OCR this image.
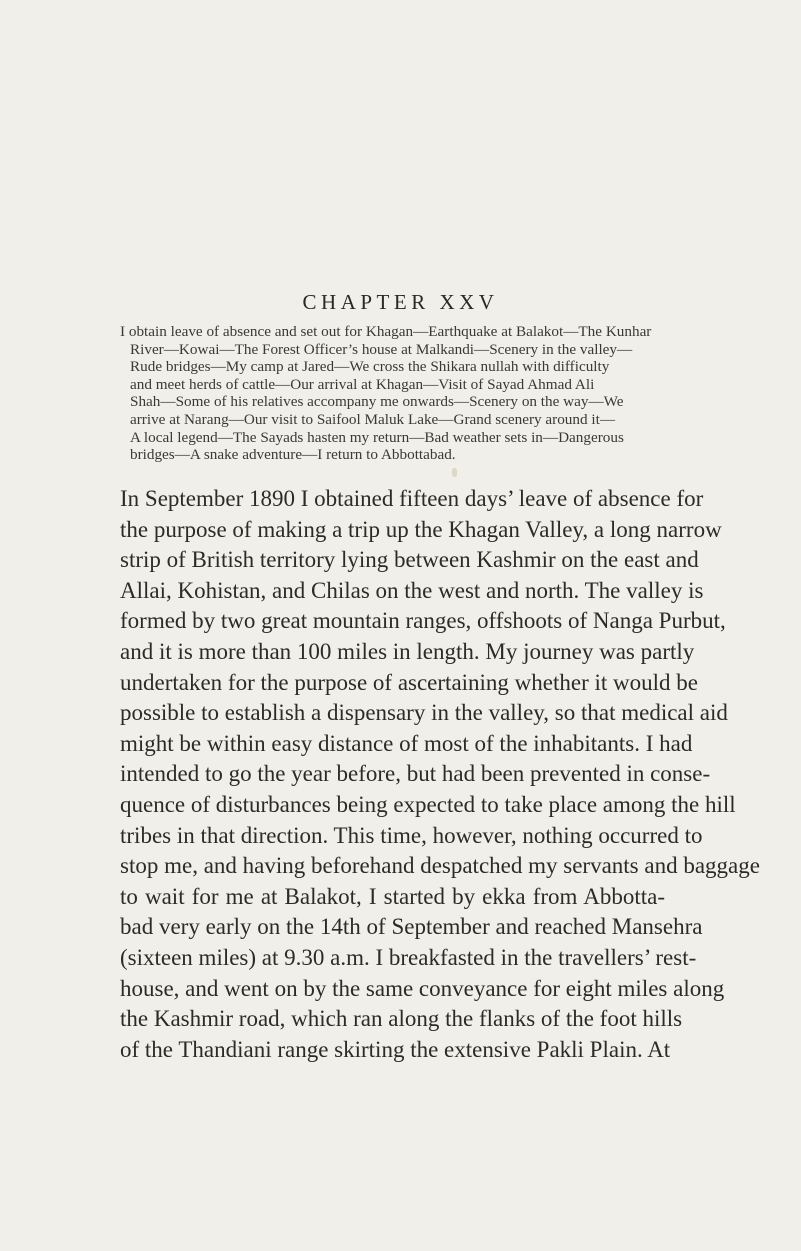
CHAPTER XXV
I obtain leave of absence and set out for Khagan—Earthquake at Balakot—The Kunhar
River—Kowai—The Forest Officer’s house at Malkandi—Scenery in the valley—
Rude bridges—My camp at Jared—We cross the Shikara nullah with difficulty
and meet herds of cattle—Our arrival at Khagan—Visit of Sayad Ahmad Ali
Shah—Some of his relatives accompany me onwards—Scenery on the way—We
arrive at Narang—Our visit to Saifool Maluk Lake—Grand scenery around it—
A local legend—The Sayads hasten my return—Bad weather sets in—Dangerous
bridges—A snake adventure—I return to Abbottabad.
In September 1890 I obtained fifteen days’ leave of absence for
the purpose of making a trip up the Khagan Valley, a long narrow
strip of British territory lying between Kashmir on the east and
Allai, Kohistan, and Chilas on the west and north. The valley is
formed by two great mountain ranges, offshoots of Nanga Purbut,
and it is more than 100 miles in length. My journey was partly
undertaken for the purpose of ascertaining whether it would be
possible to establish a dispensary in the valley, so that medical aid
might be within easy distance of most of the inhabitants. I had
intended to go the year before, but had been prevented in conse-
quence of disturbances being expected to take place among the hill
tribes in that direction. This time, however, nothing occurred to
stop me, and having beforehand despatched my servants and baggage
to wait for me at Balakot, I started by ekka from Abbotta-
bad very early on the 14th of September and reached Mansehra
(sixteen miles) at 9.30 a.m. I breakfasted in the travellers’ rest-
house, and went on by the same conveyance for eight miles along
the Kashmir road, which ran along the flanks of the foot hills
of the Thandiani range skirting the extensive Pakli Plain. At
